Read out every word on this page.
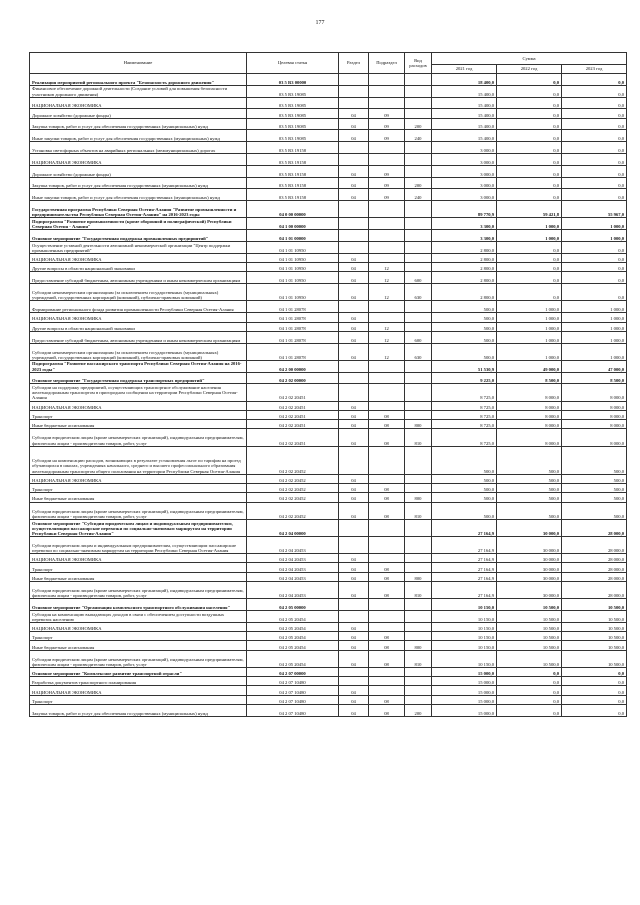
177
Наименование	Целевая статья	Раздел	Подраздел	Вид расходов	Сумма		
					2021 год	2022 год	2023 год
Реализация мероприятий регионального проекта "Безопасность дорожного движения"	03 5 R3 00000				18 400,0	0,0	0,0
Финансовое обеспечение дорожной деятельности (Создание условий для повышения безопасности участников дорожного движения)	03 5 R3 19085				15 400,0	0,0	0,0
НАЦИОНАЛЬНАЯ ЭКОНОМИКА	03 5 R3 19085				15 400,0	0,0	0,0
Дорожное хозяйство (дорожные фонды)	03 5 R3 19085	04	09		15 400,0	0,0	0,0
Закупка товаров, работ и услуг для обеспечения государственных (муниципальных) нужд	03 5 R3 19085	04	09	200	15 400,0	0,0	0,0
Иные закупки товаров, работ и услуг для обеспечения государственных (муниципальных) нужд	03 5 R3 19085	04	09	240	15 400,0	0,0	0,0
Установка светофорных объектов на аварийных региональных (межмуниципальных) дорогах	03 5 R3 19158				3 000,0	0,0	0,0
НАЦИОНАЛЬНАЯ ЭКОНОМИКА	03 5 R3 19158				3 000,0	0,0	0,0
Дорожное хозяйство (дорожные фонды)	03 5 R3 19158	04	09		3 000,0	0,0	0,0
Закупка товаров, работ и услуг для обеспечения государственных (муниципальных) нужд	03 5 R3 19158	04	09	200	3 000,0	0,0	0,0
Иные закупки товаров, работ и услуг для обеспечения государственных (муниципальных) нужд	03 5 R3 19158	04	09	240	3 000,0	0,0	0,0
Государственная программа Республики Северная Осетия-Алания "Развитие промышленности и предпринимательства Республики Северная Осетия-Алания" на 2016-2023 годы	04 0 00 00000				89 770,9	59 421,8	55 967,0
Подпрограмма "Развитие промышленности (кроме оборонной и полиграфической) Республики Северная Осетия - Алания"	04 1 00 00000				3 300,0	1 000,0	1 000,0
Основное мероприятие "Государственная поддержка промышленных предприятий"	04 1 01 00000				3 300,0	1 000,0	1 000,0
Осуществление уставной деятельности автономной некоммерческой организации "Центр поддержки промышленных предприятий"	04 1 01 10950				2 800,0	0,0	0,0
НАЦИОНАЛЬНАЯ ЭКОНОМИКА	04 1 01 10950	04			2 800,0	0,0	0,0
Другие вопросы в области национальной экономики	04 1 01 10950	04	12		2 800,0	0,0	0,0
Предоставление субсидий бюджетным, автономным учреждениям и иным некоммерческим организациям	04 1 01 10950	04	12	600	2 800,0	0,0	0,0
Субсидии некоммерческим организациям (за исключением государственных (муниципальных) учреждений, государственных корпораций (компаний), публично-правовых компаний)	04 1 01 10950	04	12	630	2 800,0	0,0	0,0
Формирование регионального фонда развития промышленности Республики Северная Осетия-Алания	04 1 01 28078				500,0	1 000,0	1 000,0
НАЦИОНАЛЬНАЯ ЭКОНОМИКА	04 1 01 28078	04			500,0	1 000,0	1 000,0
Другие вопросы в области национальной экономики	04 1 01 28078	04	12		500,0	1 000,0	1 000,0
Предоставление субсидий бюджетным, автономным учреждениям и иным некоммерческим организациям	04 1 01 28078	04	12	600	500,0	1 000,0	1 000,0
Субсидии некоммерческим организациям (за исключением государственных (муниципальных) учреждений, государственных корпораций (компаний), публично-правовых компаний)	04 1 01 28078	04	12	630	500,0	1 000,0	1 000,0
Подпрограмма "Развитие пассажирского транспорта Республики Северная Осетия-Алания на 2016-2023 годы"	04 2 00 00000				51 530,9	49 000,0	47 000,0
Основное мероприятие "Государственная поддержка транспортных предприятий"	04 2 02 00000				9 225,0	8 500,0	8 500,0
Субсидии на поддержку предприятий, осуществляющих транспортное обслуживание населения железнодорожным транспортом в пригородном сообщении на территории Республики Северная Осетия-Алания	04 2 02 20451				8 725,0	8 000,0	8 000,0
НАЦИОНАЛЬНАЯ ЭКОНОМИКА	04 2 02 20451	04			8 725,0	8 000,0	8 000,0
Транспорт	04 2 02 20451	04	08		8 725,0	8 000,0	8 000,0
Иные бюджетные ассигнования	04 2 02 20451	04	08	800	8 725,0	8 000,0	8 000,0
Субсидии юридическим лицам (кроме некоммерческих организаций), индивидуальным предпринимателям, физическим лицам - производителям товаров, работ, услуг	04 2 02 20451	04	08	810	8 725,0	8 000,0	8 000,0
Субсидии на компенсацию расходов, возникающих в результате установления льгот по тарифам на проезд обучающихся в школах, учреждениях начального, среднего и высшего профессионального образования железнодорожным транспортом общего пользования на территории Республики Северная Осетия-Алания	04 2 02 20452				500,0	500,0	500,0
НАЦИОНАЛЬНАЯ ЭКОНОМИКА	04 2 02 20452	04			500,0	500,0	500,0
Транспорт	04 2 02 20452	04	08		500,0	500,0	500,0
Иные бюджетные ассигнования	04 2 02 20452	04	08	800	500,0	500,0	500,0
Субсидии юридическим лицам (кроме некоммерческих организаций), индивидуальным предпринимателям, физическим лицам - производителям товаров, работ, услуг	04 2 02 20452	04	08	810	500,0	500,0	500,0
Основное мероприятие "Субсидии юридическим лицам и индивидуальным предпринимателям, осуществляющим пассажирские перевозки по социально-значимым маршрутам на территории Республики Северная Осетия-Алания"	04 2 04 00000				27 164,9	30 000,0	28 000,0
Субсидии юридическим лицам и индивидуальным предпринимателям, осуществляющим пассажирские перевозки по социально-значимым маршрутам на территории Республики Северная Осетия-Алания	04 2 04 20453				27 164,9	30 000,0	28 000,0
НАЦИОНАЛЬНАЯ ЭКОНОМИКА	04 2 04 20453	04			27 164,9	30 000,0	28 000,0
Транспорт	04 2 04 20453	04	08		27 164,9	30 000,0	28 000,0
Иные бюджетные ассигнования	04 2 04 20453	04	08	800	27 164,9	30 000,0	28 000,0
Субсидии юридическим лицам (кроме некоммерческих организаций), индивидуальным предпринимателям, физическим лицам - производителям товаров, работ, услуг	04 2 04 20453	04	08	810	27 164,9	30 000,0	28 000,0
Основное мероприятие "Организация комплексного транспортного обслуживания населения"	04 2 05 00000				10 150,0	10 500,0	10 500,0
Субсидия на компенсацию выпадающих доходов в связи с обеспечением доступности воздушных перевозок населению	04 2 05 20454				10 150,0	10 500,0	10 500,0
НАЦИОНАЛЬНАЯ ЭКОНОМИКА	04 2 05 20454	04			10 150,0	10 500,0	10 500,0
Транспорт	04 2 05 20454	04	08		10 150,0	10 500,0	10 500,0
Иные бюджетные ассигнования	04 2 05 20454	04	08	800	10 150,0	10 500,0	10 500,0
Субсидии юридическим лицам (кроме некоммерческих организаций), индивидуальным предпринимателям, физическим лицам - производителям товаров, работ, услуг	04 2 05 20454	04	08	810	10 150,0	10 500,0	10 500,0
Основное мероприятие "Комплексное развитие транспортной отрасли"	04 2 07 00000				15 000,0	0,0	0,0
Разработка документов транспортного планирования	04 2 07 10480				15 000,0	0,0	0,0
НАЦИОНАЛЬНАЯ ЭКОНОМИКА	04 2 07 10480	04			15 000,0	0,0	0,0
Транспорт	04 2 07 10480	04	08		15 000,0	0,0	0,0
Закупка товаров, работ и услуг для обеспечения государственных (муниципальных) нужд	04 2 07 10480	04	08	200	15 000,0	0,0	0,0
